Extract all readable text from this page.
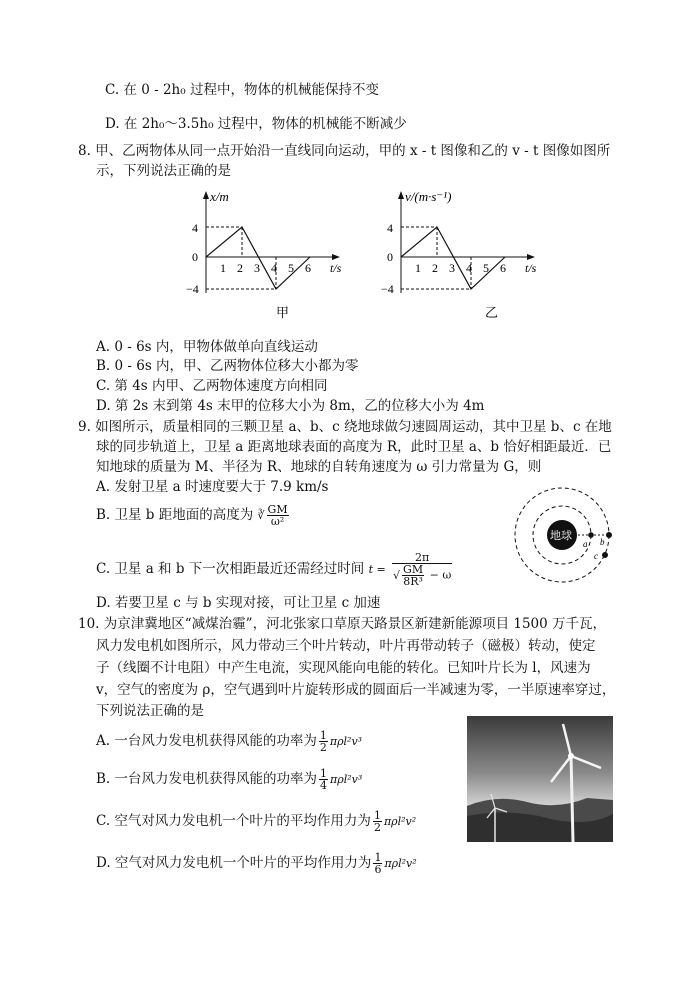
C. 在 0 - 2h₀ 过程中，物体的机械能保持不变
D. 在 2h₀～3.5h₀ 过程中，物体的机械能不断减少
8. 甲、乙两物体从同一点开始沿一直线同向运动，甲的 x - t 图像和乙的 v - t 图像如图所
示，下列说法正确的是
x/m
4
0
−4
1 2 3 4 5 6 t/s
甲
v/(m·s⁻¹)
4
0
−4
1 2 3 4 5 6 t/s
乙
A. 0 - 6s 内，甲物体做单向直线运动
B. 0 - 6s 内，甲、乙两物体位移大小都为零
C. 第 4s 内甲、乙两物体速度方向相同
D. 第 2s 末到第 4s 末甲的位移大小为 8m，乙的位移大小为 4m
9. 如图所示，质量相同的三颗卫星 a、b、c 绕地球做匀速圆周运动，其中卫星 b、c 在地
球的同步轨道上，卫星 a 距离地球表面的高度为 R，此时卫星 a、b 恰好相距最近．已
知地球的质量为 M、半径为 R、地球的自转角速度为 ω 引力常量为 G，则
A. 发射卫星 a 时速度要大于 7.9 km/s
B. 卫星 b 距地面的高度为 ∛ $\frac{GM}{\text{ω²}}$
C. 卫星 a 和 b 下一次相距最近还需经过时间 $t = \frac{2\pi}{√ \frac{GM}{\text{8R³}} - \omega}$
D. 若要卫星 c 与 b 实现对接，可让卫星 c 加速
地球
a b
c
10. 为京津冀地区“减煤治霾”，河北张家口草原天路景区新建新能源项目 1500 万千瓦，
风力发电机如图所示，风力带动三个叶片转动，叶片再带动转子（磁极）转动，使定
子（线圈不计电阻）中产生电流，实现风能向电能的转化。已知叶片长为 l，风速为
v，空气的密度为 ρ，空气遇到叶片旋转形成的圆面后一半减速为零，一半原速率穿过，
下列说法正确的是
A. 一台风力发电机获得风能的功率为 $\frac{1}{2} \pi\rho l^2v^3$
B. 一台风力发电机获得风能的功率为 $\frac{1}{4} \pi\rho l^2v^3$
C. 空气对风力发电机一个叶片的平均作用力为 $\frac{1}{2} \pi\rho l^2v^2$
D. 空气对风力发电机一个叶片的平均作用力为 $\frac{1}{6} \pi\rho l^2v^2$
